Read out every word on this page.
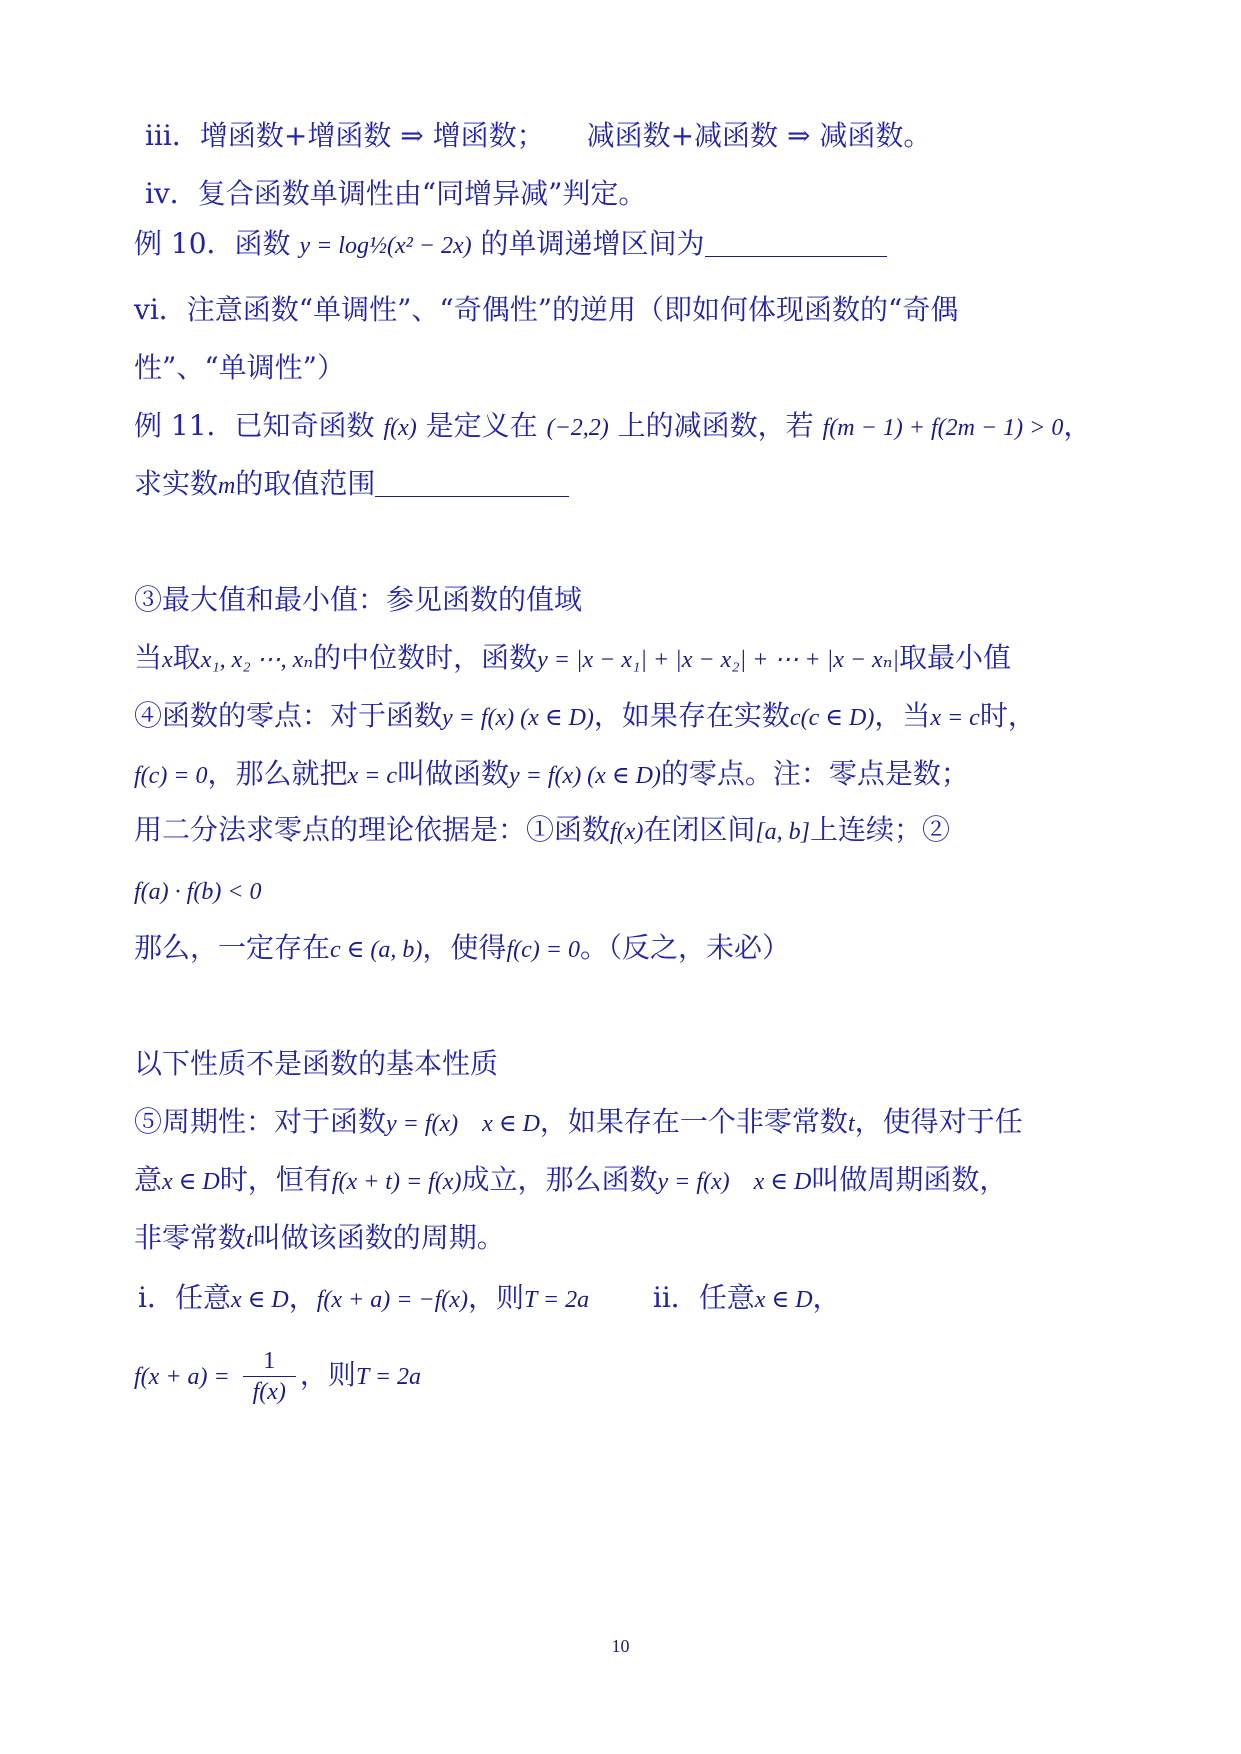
iii．增函数+增函数 ⇒ 增函数；　　减函数+减函数 ⇒ 减函数。
iv．复合函数单调性由“同增异减”判定。
例 10．函数 y = log½(x² − 2x) 的单调递增区间为
vi．注意函数“单调性”、“奇偶性”的逆用（即如何体现函数的“奇偶
性”、“单调性”）
例 11．已知奇函数 f(x) 是定义在 (−2,2) 上的减函数，若 f(m − 1) + f(2m − 1) > 0，
求实数m的取值范围
③最大值和最小值：参见函数的值域
当x取x₁, x₂ ⋯, xₙ的中位数时，函数y = |x − x₁| + |x − x₂| + ⋯ + |x − xₙ|取最小值
④函数的零点：对于函数y = f(x) (x ∈ D)，如果存在实数c(c ∈ D)，当x = c时，
f(c) = 0，那么就把x = c叫做函数y = f(x) (x ∈ D)的零点。注：零点是数；
用二分法求零点的理论依据是：①函数f(x)在闭区间[a, b]上连续；②
f(a) · f(b) < 0
那么，一定存在c ∈ (a, b)，使得f(c) = 0。（反之，未必）
以下性质不是函数的基本性质
⑤周期性：对于函数y = f(x)　x ∈ D，如果存在一个非零常数t，使得对于任
意x ∈ D时，恒有f(x + t) = f(x)成立，那么函数y = f(x)　x ∈ D叫做周期函数，
非零常数t叫做该函数的周期。
i．任意x ∈ D，f(x + a) = −f(x)，则T = 2a ii．任意x ∈ D，
$f(x + a) = \frac{1}{f(x)}$ ，则T = 2a
10
